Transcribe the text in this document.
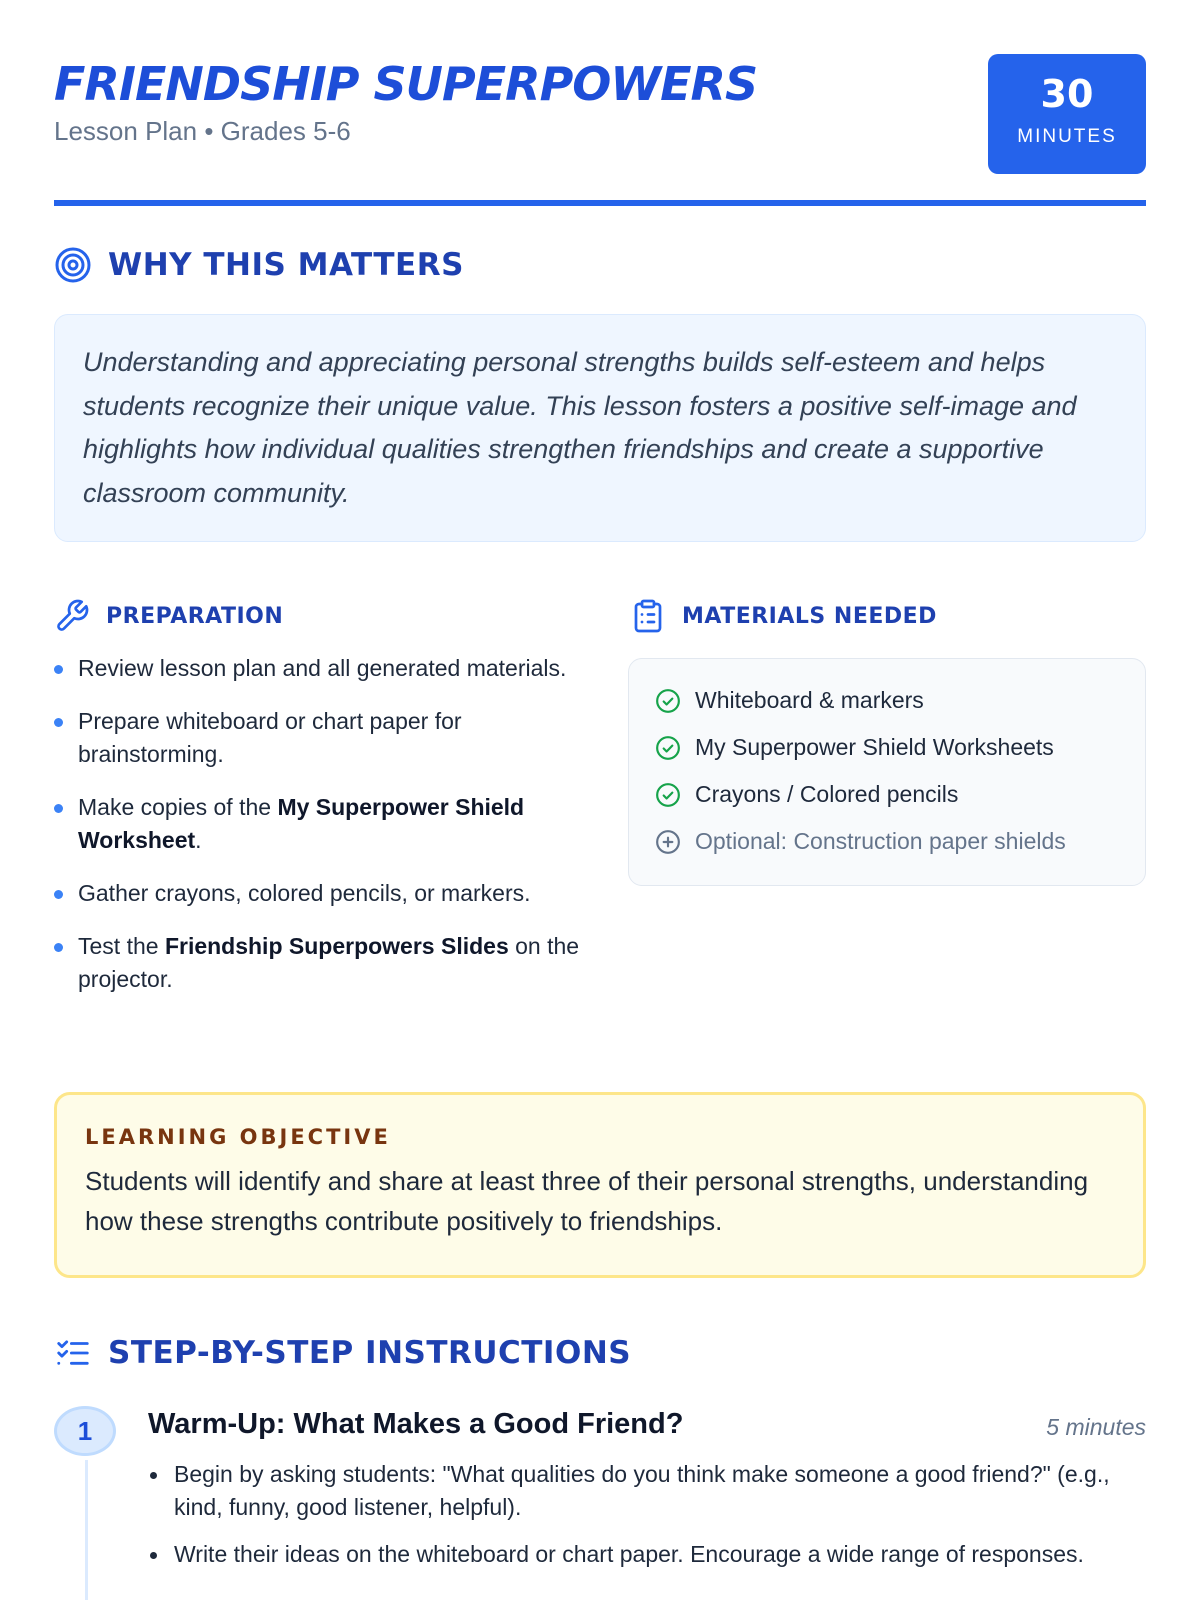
FRIENDSHIP SUPERPOWERS
Lesson Plan • Grades 5-6
30
MINUTES
WHY THIS MATTERS
Understanding and appreciating personal strengths builds self-esteem and helps students recognize their unique value. This lesson fosters a positive self-image and highlights how individual qualities strengthen friendships and create a supportive classroom community.
PREPARATION
Review lesson plan and all generated materials.
Prepare whiteboard or chart paper for brainstorming.
Make copies of the My Superpower Shield Worksheet.
Gather crayons, colored pencils, or markers.
Test the Friendship Superpowers Slides on the projector.
MATERIALS NEEDED
Whiteboard & markers
My Superpower Shield Worksheets
Crayons / Colored pencils
Optional: Construction paper shields
LEARNING OBJECTIVE
Students will identify and share at least three of their personal strengths, understanding how these strengths contribute positively to friendships.
STEP-BY-STEP INSTRUCTIONS
1	Warm-Up: What Makes a Good Friend?	5 minutes
Begin by asking students: "What qualities do you think make someone a good friend?" (e.g., kind, funny, good listener, helpful).
Write their ideas on the whiteboard or chart paper. Encourage a wide range of responses.
